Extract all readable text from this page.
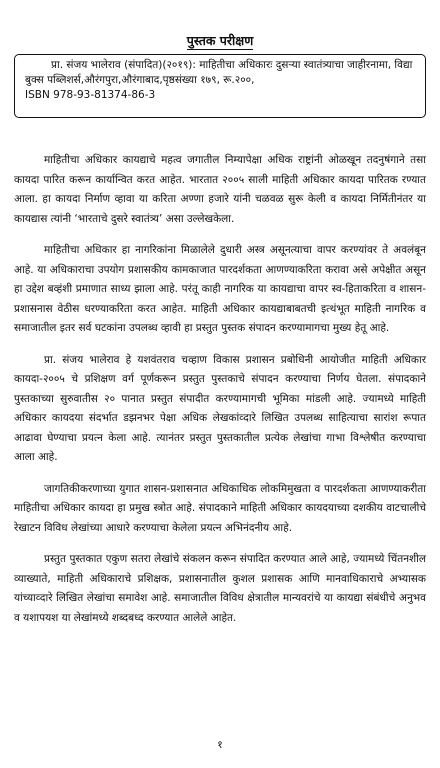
पुस्तक परीक्षण

प्रा. संजय भालेराव (संपादित)(२०१९): माहितीचा अधिकारः दुसऱ्या स्वातंत्र्याचा जाहीरनामा, विद्या बुक्स पब्लिशर्स,औरंगपुरा,औरंगाबाद,पृष्ठसंख्या १७९, रू.२००,
ISBN 978-93-81374-86-3

माहितीचा अधिकार कायद्याचे महत्व जगातील निम्यापेक्षा अधिक राष्ट्रांनी ओळखून तदनुषंगाने तसा कायदा पारित करून कार्यान्वित करत आहेत. भारतात २००५ साली माहिती अधिकार कायदा पारितक रण्यात आला. हा कायदा निर्माण व्हावा या करिता अण्णा हजारे यांनी चळवळ सुरू केली व कायदा निर्मितीनंतर या कायद्यास त्यांनी ‘भारताचे दुसरे स्वातंत्र्य’ असा उल्लेखकेला.

माहितीचा अधिकार हा नागरिकांना मिळालेले दुधारी अस्त्र असूनत्याचा वापर करण्यांवर ते अवलंबून आहे. या अधिकाराचा उपयोग प्रशासकीय कामकाजात पारदर्शकता आणण्याकरिता करावा असे अपेक्षीत असून हा उद्देश बव्हंशी प्रमाणात साध्य झाला आहे. परंतू काही नागरिक या कायद्याचा वापर स्व-हिताकरिता व शासन-प्रशासनास वेठीस धरण्याकरिता करत आहेत. माहिती अधिकार कायद्याबाबतची इत्थंभूत माहिती नागरिक व समाजातील इतर सर्व घटकांना उपलब्ध व्हावी हा प्रस्तुत पुस्तक संपादन करण्यामागचा मुख्य हेतू आहे.

प्रा. संजय भालेराव हे यशवंतराव चव्हाण विकास प्रशासन प्रबोधिनी आयोजीत माहिती अधिकार कायदा-२००५ चे प्रशिक्षण वर्ग पूर्णकरून प्रस्तुत पुस्तकाचे संपादन करण्याचा निर्णय घेतला. संपादकाने पुस्तकाच्या सुरुवातीस २० पानात प्रस्तुत संपादीत करण्यामागची भूमिका मांडली आहे. ज्यामध्ये माहिती अधिकार कायदया संदर्भात डझनभर पेक्षा अधिक लेखकांव्दारे लिखित उपलब्ध साहित्याचा सारांश रूपात आढावा घेण्याचा प्रयत्न केला आहे. त्यानंतर प्रस्तुत पुस्तकातील प्रत्येक लेखांचा गाभा विश्लेषीत करण्याचा आला आहे.

जागतिकीकरणाच्या युगात शासन-प्रशासनात अधिकाधिक लोकमिमुखता व पारदर्शकता आणण्याकरीता माहितीचा अधिकार कायदा हा प्रमुख स्त्रोत आहे. संपादकाने माहिती अधिकार कायदयाच्या दशकीय वाटचालीचे रेखाटन विविध लेखांच्या आधारे करण्याचा केलेला प्रयत्न अभिनंदनीय आहे.

प्रस्तुत पुस्तकात एकुण सतरा लेखांचे संकलन करून संपादित करण्यात आले आहे, ज्यामध्ये चिंतनशील व्याख्याते, माहिती अधिकाराचे प्रशिक्षक, प्रशासनातील कुशल प्रशासक आणि मानवाधिकाराचे अभ्यासक यांच्याव्दारे लिखित लेखांचा समावेश आहे. समाजातील विविध क्षेत्रातील मान्यवरांचे या कायद्या संबंधीचे अनुभव व यशापयश या लेखांमध्ये शब्दबध्द करण्यात आलेले आहेत.

१
